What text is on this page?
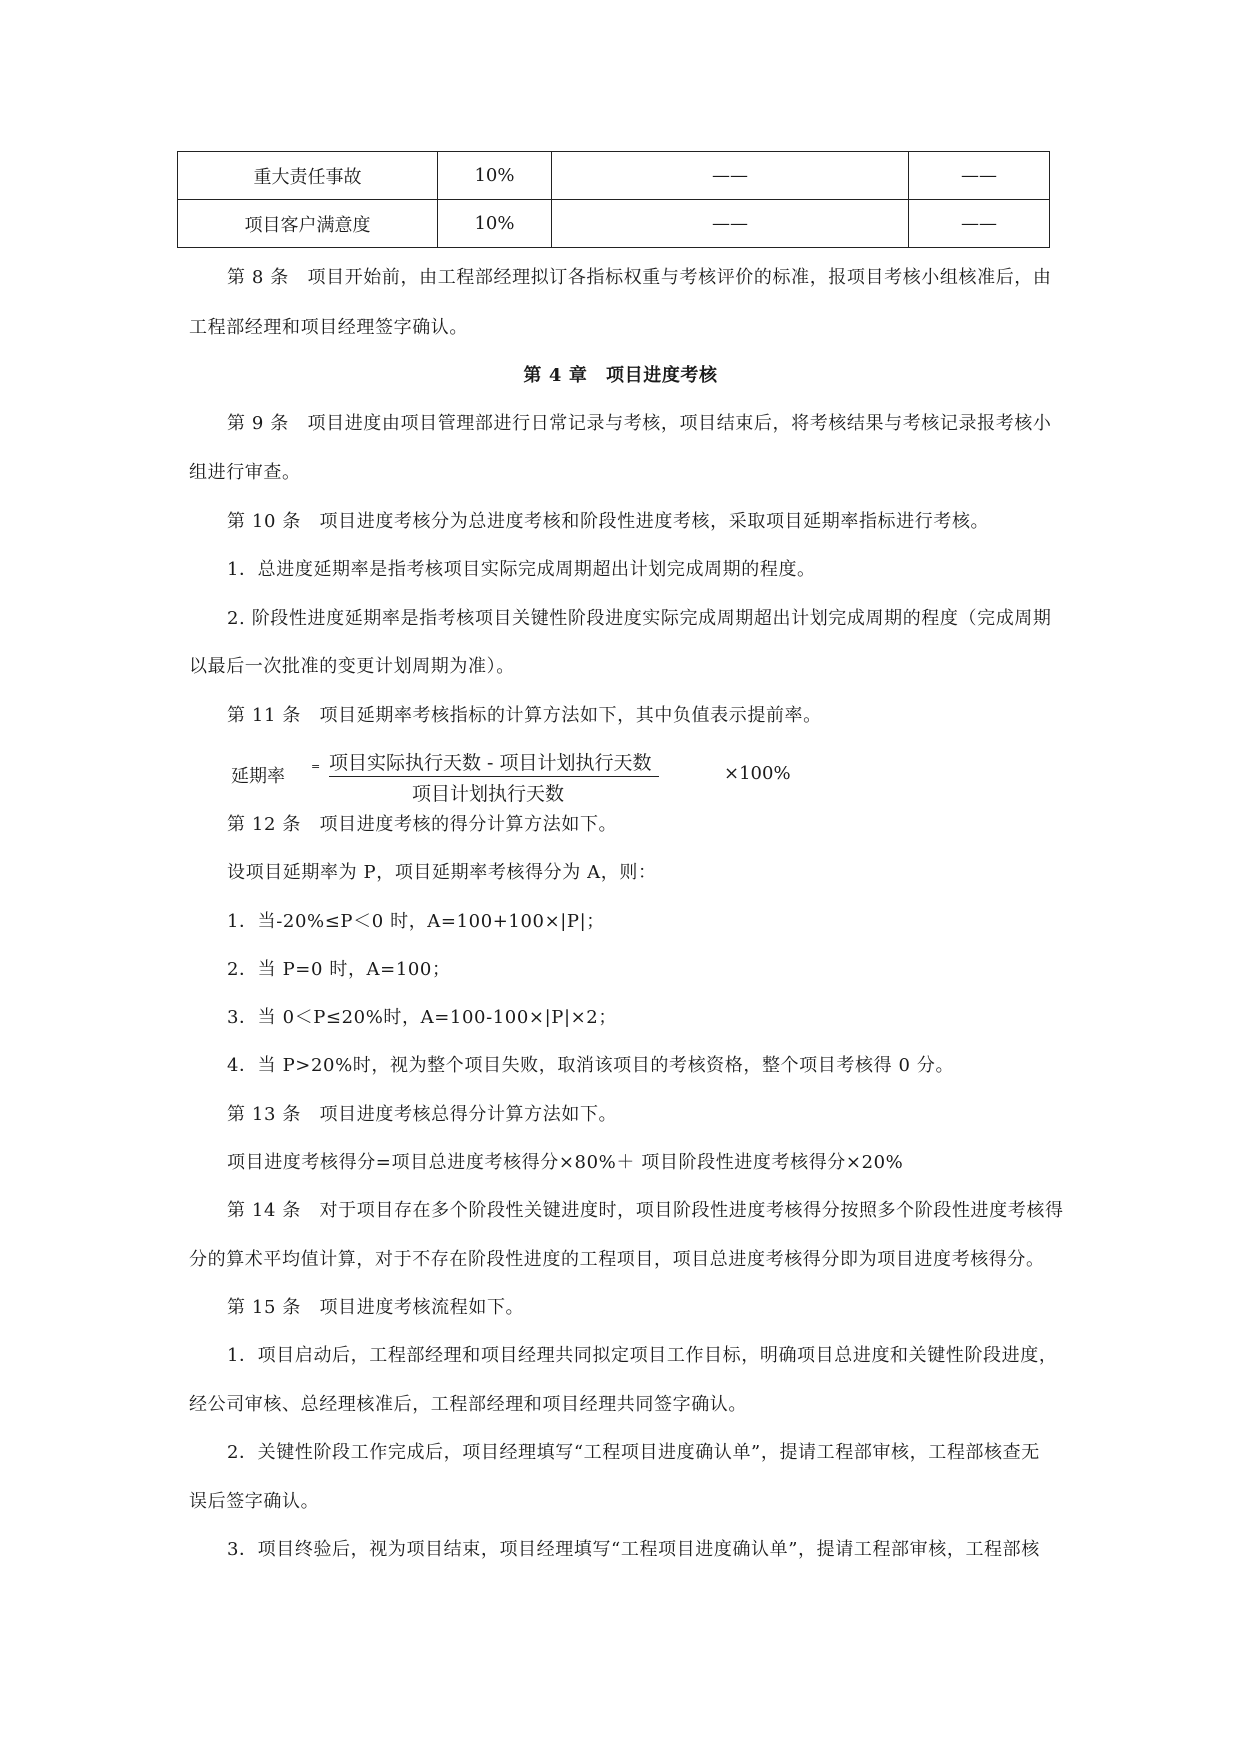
重大责任事故	10%	——	——
项目客户满意度	10%	——	——
第 8 条　项目开始前，由工程部经理拟订各指标权重与考核评价的标准，报项目考核小组核准后，由
工程部经理和项目经理签字确认。
第 4 章　项目进度考核
第 9 条　项目进度由项目管理部进行日常记录与考核，项目结束后，将考核结果与考核记录报考核小
组进行审查。
第 10 条　项目进度考核分为总进度考核和阶段性进度考核，采取项目延期率指标进行考核。
1．总进度延期率是指考核项目实际完成周期超出计划完成周期的程度。
2. 阶段性进度延期率是指考核项目关键性阶段进度实际完成周期超出计划完成周期的程度（完成周期
以最后一次批准的变更计划周期为准）。
第 11 条　项目延期率考核指标的计算方法如下，其中负值表示提前率。
延期率 = 项目实际执行天数 - 项目计划执行天数
项目计划执行天数
×100%
第 12 条　项目进度考核的得分计算方法如下。
设项目延期率为 P，项目延期率考核得分为 A，则：
1．当-20%≤P＜0 时，A=100+100×|P|；
2．当 P=0 时，A=100；
3．当 0＜P≤20%时，A=100-100×|P|×2；
4．当 P>20%时，视为整个项目失败，取消该项目的考核资格，整个项目考核得 0 分。
第 13 条　项目进度考核总得分计算方法如下。
项目进度考核得分=项目总进度考核得分×80%＋ 项目阶段性进度考核得分×20%
第 14 条　对于项目存在多个阶段性关键进度时，项目阶段性进度考核得分按照多个阶段性进度考核得
分的算术平均值计算，对于不存在阶段性进度的工程项目，项目总进度考核得分即为项目进度考核得分。
第 15 条　项目进度考核流程如下。
1．项目启动后，工程部经理和项目经理共同拟定项目工作目标，明确项目总进度和关键性阶段进度，
经公司审核、总经理核准后，工程部经理和项目经理共同签字确认。
2．关键性阶段工作完成后，项目经理填写“工程项目进度确认单”，提请工程部审核，工程部核查无
误后签字确认。
3．项目终验后，视为项目结束，项目经理填写“工程项目进度确认单”，提请工程部审核，工程部核
